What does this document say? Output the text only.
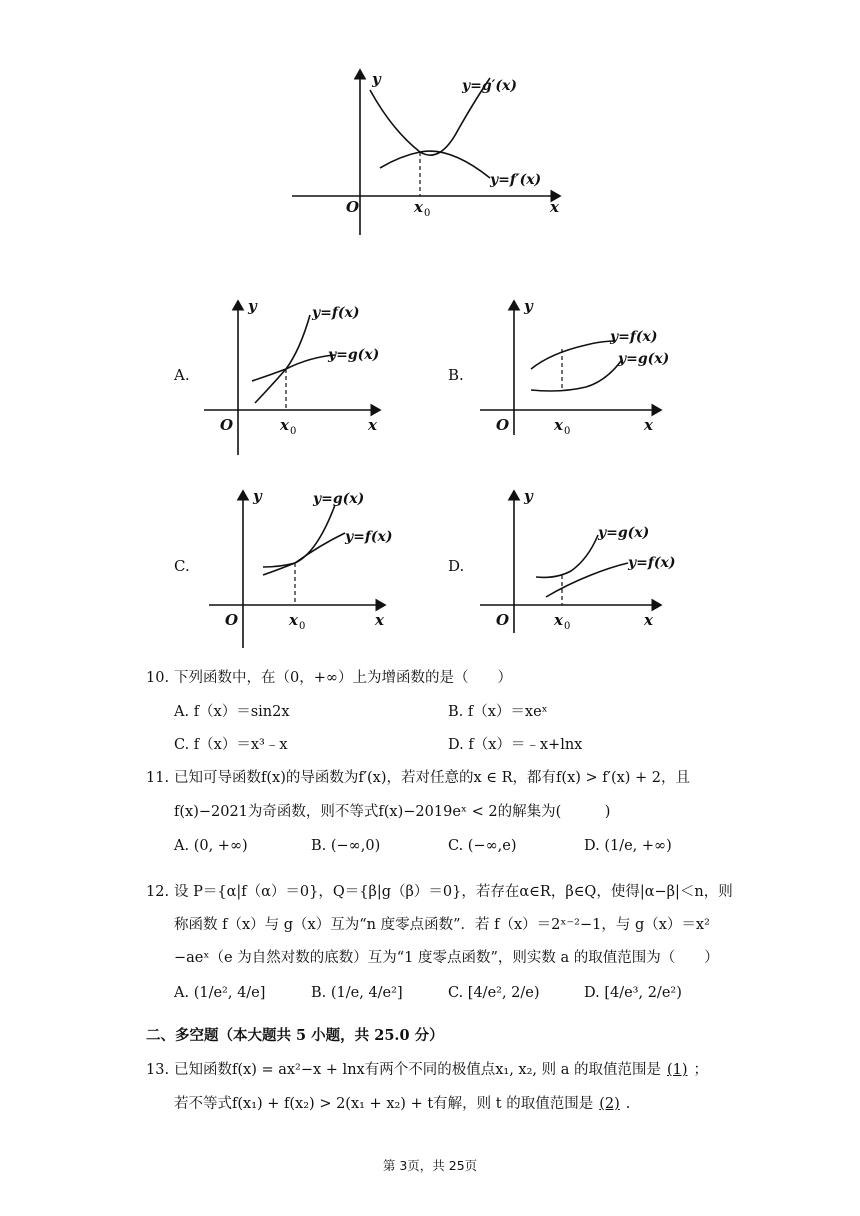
y
O	x
x 0
y=g′(x)
y=f′(x)
A.
y
O	x
x 0
y=f(x)
y=g(x)
B.
y
O	x
x 0
y=f(x)
y=g(x)
C.
y
O	x
x 0
y=g(x)
y=f(x)
D.
y
O	x
x 0
y=g(x)
y=f(x)
10. 下列函数中，在（0，+∞）上为增函数的是（　　）
A. f（x）＝sin2x	B. f（x）＝xeˣ
C. f（x）＝x³﹣x	D. f（x）＝﹣x+lnx
11. 已知可导函数f(x)的导函数为f′(x)，若对任意的x ∈ R，都有f(x) > f′(x) + 2，且
f(x)−2021为奇函数，则不等式f(x)−2019eˣ < 2的解集为(　　　)
A. (0, +∞)	B. (−∞,0)	C. (−∞,e)	D. (1/e, +∞)
12. 设 P＝{α|f（α）＝0}，Q＝{β|g（β）＝0}，若存在α∈R，β∈Q，使得|α−β|＜n，则
称函数 f（x）与 g（x）互为“n 度零点函数”．若 f（x）＝2ˣ⁻²−1，与 g（x）＝x²
−aeˣ（e 为自然对数的底数）互为“1 度零点函数”，则实数 a 的取值范围为（　　）
A. (1/e², 4/e]	B. (1/e, 4/e²]	C. [4/e², 2/e)	D. [4/e³, 2/e²)
二、多空题（本大题共 5 小题，共 25.0 分）
13. 已知函数f(x) = ax²−x + lnx有两个不同的极值点x₁, x₂, 则 a 的取值范围是 (1) ；
若不等式f(x₁) + f(x₂) > 2(x₁ + x₂) + t有解，则 t 的取值范围是 (2) .
第 3页，共 25页
